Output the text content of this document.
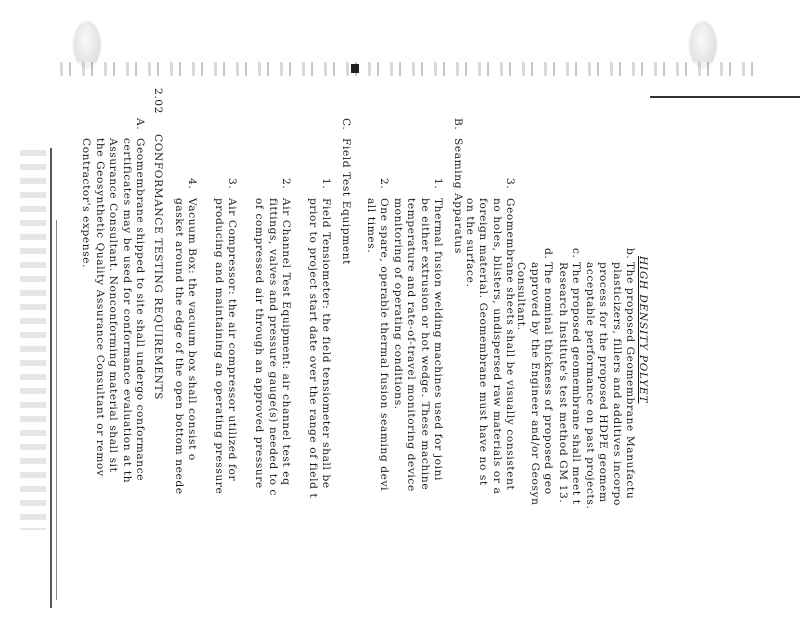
HIGH DENSITY POLYET
b.
The proposed Geomembrane Manufactu
plasticizers, fillers and additives incorpo
process for the proposed HDPE geomem
acceptable performance on past projects.
c.
The proposed geomembrane shall meet t
Research Institute's test method GM 13.
d.
The nominal thickness of proposed geo
approved by the Engineer and/or Geosyn
Consultant.
3.
Geomembrane sheets shall be visually consistent
no holes, blisters, undispersed raw materials or a
foreign material. Geomembrane must have no st
on the surface.
B.
Seaming Apparatus
1.
Thermal fusion welding machines used for joini
be either extrusion or hot wedge. These machine
temperature and rate-of-travel monitoring device
monitoring of operating conditions.
2.
One spare, operable thermal fusion seaming devi
all times.
C.
Field Test Equipment
1.
Field Tensiometer: the field tensiometer shall be
prior to project start date over the range of field t
2.
Air Channel Test Equipment: air channel test eq
fittings, valves and pressure gauge(s) needed to c
of compressed air through an approved pressure
3.
Air Compressor: the air compressor utilized for
producing and maintaining an operating pressure
4.
Vacuum Box: the vacuum box shall consist o
gasket around the edge of the open bottom neede
2.02
CONFORMANCE TESTING REQUIREMENTS
A.
Geomembrane shipped to site shall undergo conformance
certificates may be used for conformance evaluation at th
Assurance Consultant. Nonconforming material shall sit
the Geosynthetic Quality Assurance Consultant or remov
Contractor's expense.
